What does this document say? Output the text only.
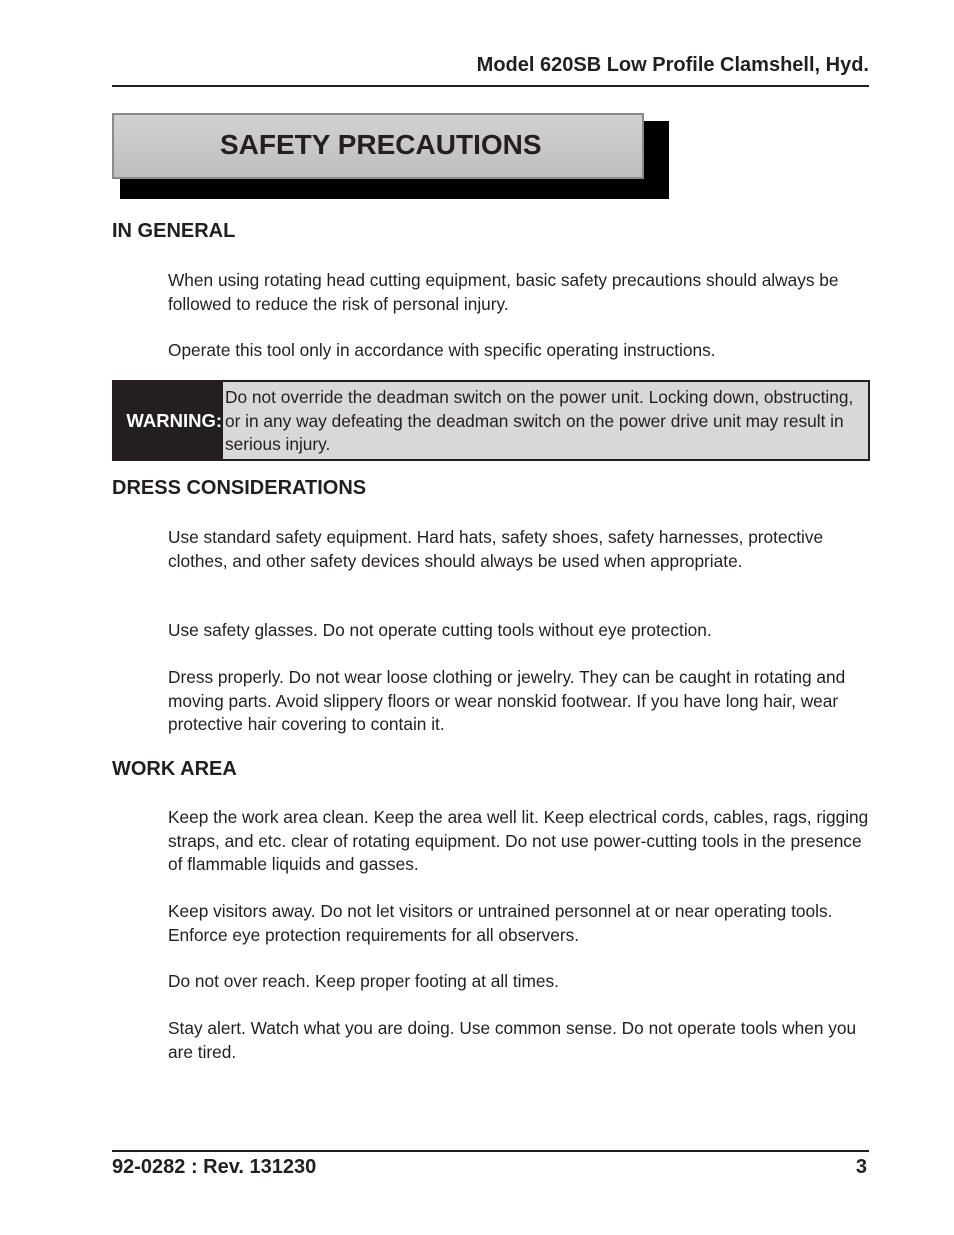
Model 620SB Low Profile Clamshell, Hyd.
SAFETY PRECAUTIONS
IN GENERAL

When using rotating head cutting equipment, basic safety precautions should always be followed to reduce the risk of personal injury.

Operate this tool only in accordance with specific operating instructions.

WARNING:

Do not override the deadman switch on the power unit. Locking down, obstructing, or in any way defeating the deadman switch on the power drive unit may result in serious injury.

DRESS CONSIDERATIONS

Use standard safety equipment. Hard hats, safety shoes, safety harnesses, protective clothes, and other safety devices should always be used when appropriate.

Use safety glasses. Do not operate cutting tools without eye protection.

Dress properly. Do not wear loose clothing or jewelry. They can be caught in rotating and moving parts. Avoid slippery floors or wear nonskid footwear. If you have long hair, wear protective hair covering to contain it.

WORK AREA

Keep the work area clean. Keep the area well lit. Keep electrical cords, cables, rags, rigging straps, and etc. clear of rotating equipment. Do not use power-cutting tools in the presence of flammable liquids and gasses.

Keep visitors away. Do not let visitors or untrained personnel at or near operating tools. Enforce eye protection requirements for all observers.

Do not over reach. Keep proper footing at all times.

Stay alert. Watch what you are doing. Use common sense. Do not operate tools when you are tired.

92-0282 : Rev. 131230	3
